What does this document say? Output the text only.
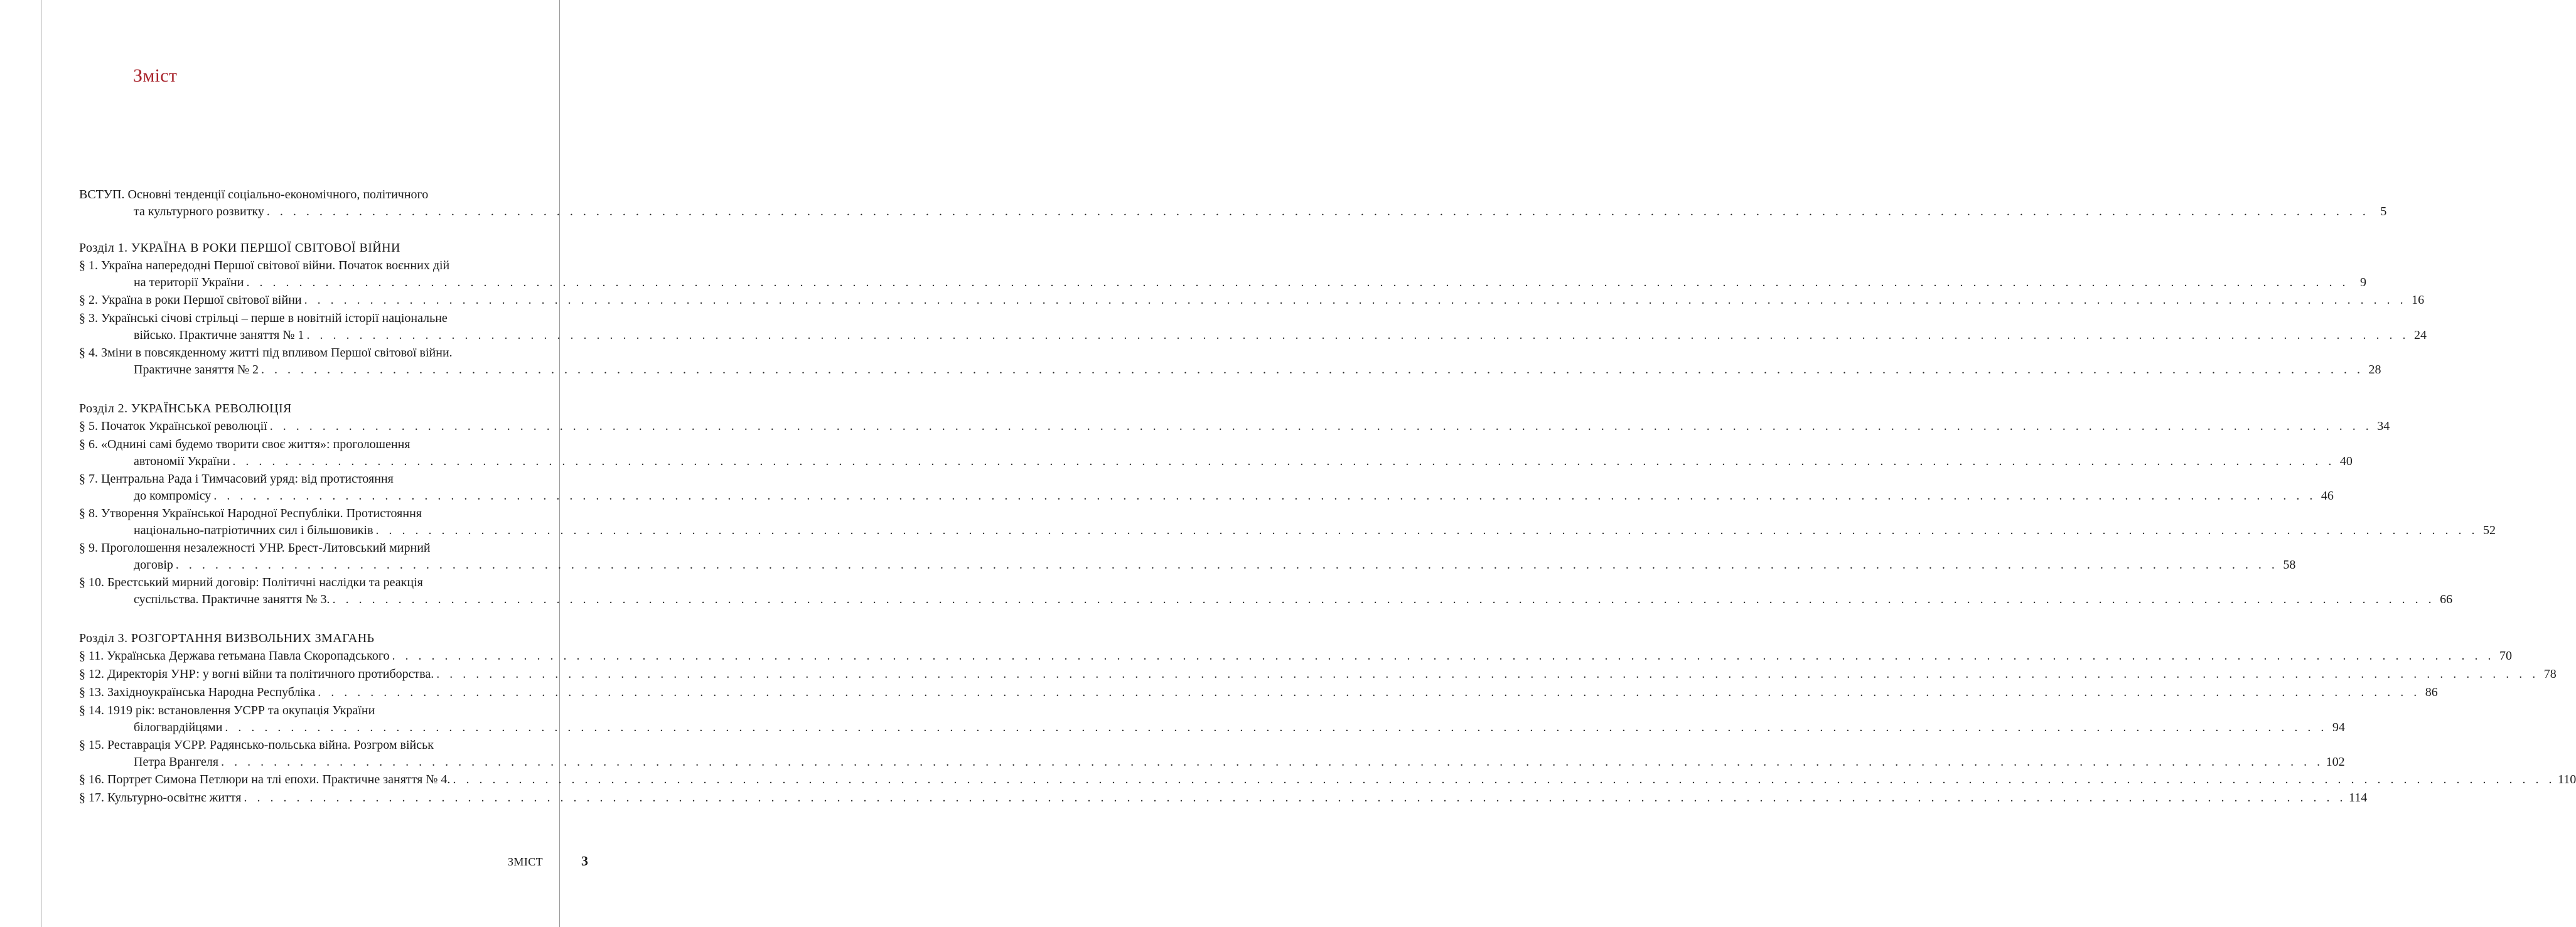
Зміст
ВСТУП. Основні тенденції соціально-економічного, політичного
та культурного розвитку . . . . . . . . . . . . . . . . . . . . . . . . . . . . . . . . . . . . . . . . . . . . . . . . . . . . . . . . . . . . . . . . . . . . . . . . . . . . . . . . . . . . . . . . . . . . . . . . . . . . . . . . . . . . . . . . . . . . . . . . . . . . . . . . . . . . . . . . . . . . . . . . . . . . . . . . . . . . . . . . 5
Розділ 1. УКРАЇНА В РОКИ ПЕРШОЇ СВІТОВОЇ ВІЙНИ
§ 1. Україна напередодні Першої світової війни. Початок воєнних дій
на території України . . . . . . . . . . . . . . . . . . . . . . . . . . . . . . . . . . . . . . . . . . . . . . . . . . . . . . . . . . . . . . . . . . . . . . . . . . . . . . . . . . . . . . . . . . . . . . . . . . . . . . . . . . . . . . . . . . . . . . . . . . . . . . . . . . . . . . . . . . . . . . . . . . . . . . . . . . . . . . . . 9
§ 2. Україна в роки Першої світової війни . . . . . . . . . . . . . . . . . . . . . . . . . . . . . . . . . . . . . . . . . . . . . . . . . . . . . . . . . . . . . . . . . . . . . . . . . . . . . . . . . . . . . . . . . . . . . . . . . . . . . . . . . . . . . . . . . . . . . . . . . . . . . . . . . . . . . . . . . . . . . . . . . . . . . . . . . . . . . . . . 16
§ 3. Українські січові стрільці – перше в новітній історії національне
військо. Практичне заняття № 1 . . . . . . . . . . . . . . . . . . . . . . . . . . . . . . . . . . . . . . . . . . . . . . . . . . . . . . . . . . . . . . . . . . . . . . . . . . . . . . . . . . . . . . . . . . . . . . . . . . . . . . . . . . . . . . . . . . . . . . . . . . . . . . . . . . . . . . . . . . . . . . . . . . . . . . . . . . . . . . . . 24
§ 4. Зміни в повсякденному житті під впливом Першої світової війни.
Практичне заняття № 2 . . . . . . . . . . . . . . . . . . . . . . . . . . . . . . . . . . . . . . . . . . . . . . . . . . . . . . . . . . . . . . . . . . . . . . . . . . . . . . . . . . . . . . . . . . . . . . . . . . . . . . . . . . . . . . . . . . . . . . . . . . . . . . . . . . . . . . . . . . . . . . . . . . . . . . . . . . . . . . . . 28
Розділ 2. УКРАЇНСЬКА РЕВОЛЮЦІЯ
§ 5. Початок Української революції . . . . . . . . . . . . . . . . . . . . . . . . . . . . . . . . . . . . . . . . . . . . . . . . . . . . . . . . . . . . . . . . . . . . . . . . . . . . . . . . . . . . . . . . . . . . . . . . . . . . . . . . . . . . . . . . . . . . . . . . . . . . . . . . . . . . . . . . . . . . . . . . . . . . . . . . . . . . . . . . 34
§ 6. «Однині самі будемо творити своє життя»: проголошення
автономії України . . . . . . . . . . . . . . . . . . . . . . . . . . . . . . . . . . . . . . . . . . . . . . . . . . . . . . . . . . . . . . . . . . . . . . . . . . . . . . . . . . . . . . . . . . . . . . . . . . . . . . . . . . . . . . . . . . . . . . . . . . . . . . . . . . . . . . . . . . . . . . . . . . . . . . . . . . . . . . . . 40
§ 7. Центральна Рада і Тимчасовий уряд: від протистояння
до компромісу . . . . . . . . . . . . . . . . . . . . . . . . . . . . . . . . . . . . . . . . . . . . . . . . . . . . . . . . . . . . . . . . . . . . . . . . . . . . . . . . . . . . . . . . . . . . . . . . . . . . . . . . . . . . . . . . . . . . . . . . . . . . . . . . . . . . . . . . . . . . . . . . . . . . . . . . . . . . . . . . 46
§ 8. Утворення Української Народної Республіки. Протистояння
національно-патріотичних сил і більшовиків . . . . . . . . . . . . . . . . . . . . . . . . . . . . . . . . . . . . . . . . . . . . . . . . . . . . . . . . . . . . . . . . . . . . . . . . . . . . . . . . . . . . . . . . . . . . . . . . . . . . . . . . . . . . . . . . . . . . . . . . . . . . . . . . . . . . . . . . . . . . . . . . . . . . . . . . . . . . . . . . 52
§ 9. Проголошення незалежності УНР. Брест-Литовський мирний
договір . . . . . . . . . . . . . . . . . . . . . . . . . . . . . . . . . . . . . . . . . . . . . . . . . . . . . . . . . . . . . . . . . . . . . . . . . . . . . . . . . . . . . . . . . . . . . . . . . . . . . . . . . . . . . . . . . . . . . . . . . . . . . . . . . . . . . . . . . . . . . . . . . . . . . . . . . . . . . . . . 58
§ 10. Брестський мирний договір: Політичні наслідки та реакція
суспільства. Практичне заняття № 3. . . . . . . . . . . . . . . . . . . . . . . . . . . . . . . . . . . . . . . . . . . . . . . . . . . . . . . . . . . . . . . . . . . . . . . . . . . . . . . . . . . . . . . . . . . . . . . . . . . . . . . . . . . . . . . . . . . . . . . . . . . . . . . . . . . . . . . . . . . . . . . . . . . . . . . . . . . . . . . . . 66
Розділ 3. РОЗГОРТАННЯ ВИЗВОЛЬНИХ ЗМАГАНЬ
§ 11. Українська Держава гетьмана Павла Скоропадського . . . . . . . . . . . . . . . . . . . . . . . . . . . . . . . . . . . . . . . . . . . . . . . . . . . . . . . . . . . . . . . . . . . . . . . . . . . . . . . . . . . . . . . . . . . . . . . . . . . . . . . . . . . . . . . . . . . . . . . . . . . . . . . . . . . . . . . . . . . . . . . . . . . . . . . . . . . . . . . . 70
§ 12. Директорія УНР: у вогні війни та політичного протиборства. . . . . . . . . . . . . . . . . . . . . . . . . . . . . . . . . . . . . . . . . . . . . . . . . . . . . . . . . . . . . . . . . . . . . . . . . . . . . . . . . . . . . . . . . . . . . . . . . . . . . . . . . . . . . . . . . . . . . . . . . . . . . . . . . . . . . . . . . . . . . . . . . . . . . . . . . . . . . . . . . 78
§ 13. Західноукраїнська Народна Республіка . . . . . . . . . . . . . . . . . . . . . . . . . . . . . . . . . . . . . . . . . . . . . . . . . . . . . . . . . . . . . . . . . . . . . . . . . . . . . . . . . . . . . . . . . . . . . . . . . . . . . . . . . . . . . . . . . . . . . . . . . . . . . . . . . . . . . . . . . . . . . . . . . . . . . . . . . . . . . . . . 86
§ 14. 1919 рік: встановлення УСРР та окупація України
білогвардійцями . . . . . . . . . . . . . . . . . . . . . . . . . . . . . . . . . . . . . . . . . . . . . . . . . . . . . . . . . . . . . . . . . . . . . . . . . . . . . . . . . . . . . . . . . . . . . . . . . . . . . . . . . . . . . . . . . . . . . . . . . . . . . . . . . . . . . . . . . . . . . . . . . . . . . . . . . . . . . . . . 94
§ 15. Реставрація УСРР. Радянсько-польська війна. Розгром військ
Петра Врангеля . . . . . . . . . . . . . . . . . . . . . . . . . . . . . . . . . . . . . . . . . . . . . . . . . . . . . . . . . . . . . . . . . . . . . . . . . . . . . . . . . . . . . . . . . . . . . . . . . . . . . . . . . . . . . . . . . . . . . . . . . . . . . . . . . . . . . . . . . . . . . . . . . . . . . . . . . . . . . . . . 102
§ 16. Портрет Симона Петлюри на тлі епохи. Практичне заняття № 4. . . . . . . . . . . . . . . . . . . . . . . . . . . . . . . . . . . . . . . . . . . . . . . . . . . . . . . . . . . . . . . . . . . . . . . . . . . . . . . . . . . . . . . . . . . . . . . . . . . . . . . . . . . . . . . . . . . . . . . . . . . . . . . . . . . . . . . . . . . . . . . . . . . . . . . . . . . . . . . . . 110
§ 17. Культурно-освітнє життя . . . . . . . . . . . . . . . . . . . . . . . . . . . . . . . . . . . . . . . . . . . . . . . . . . . . . . . . . . . . . . . . . . . . . . . . . . . . . . . . . . . . . . . . . . . . . . . . . . . . . . . . . . . . . . . . . . . . . . . . . . . . . . . . . . . . . . . . . . . . . . . . . . . . . . . . . . . . . . . . 114
ЗМІСТ	3
